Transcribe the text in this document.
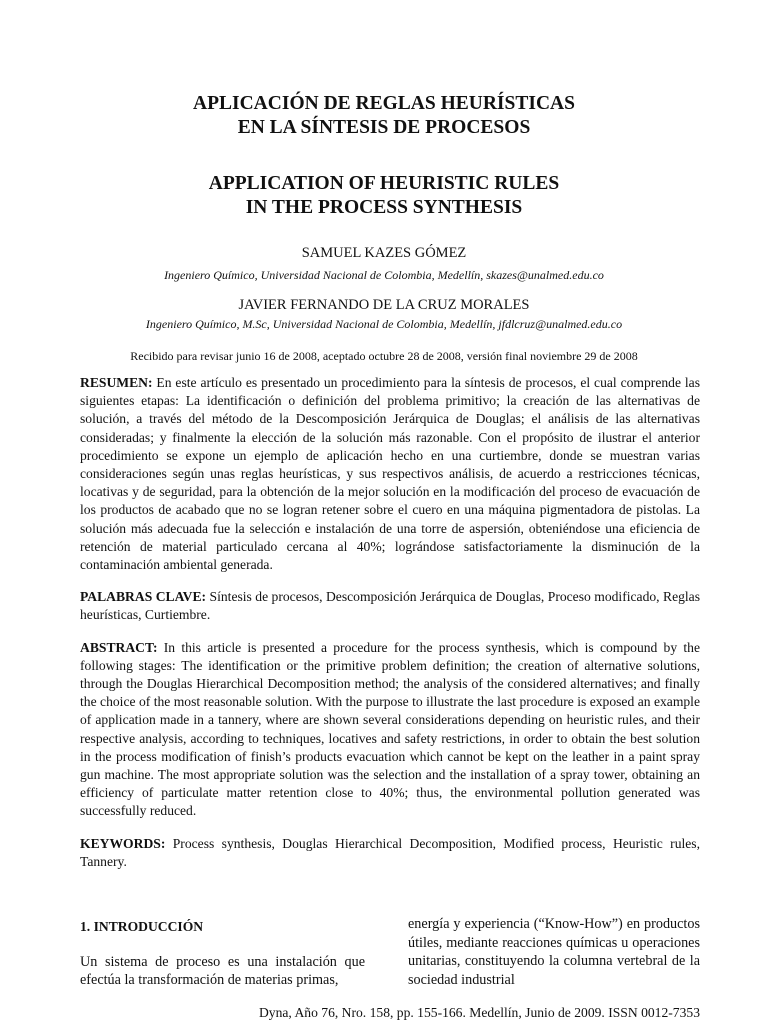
APLICACIÓN DE REGLAS HEURÍSTICAS
EN LA SÍNTESIS DE PROCESOS
APPLICATION OF HEURISTIC RULES
IN THE PROCESS SYNTHESIS
SAMUEL KAZES GÓMEZ
Ingeniero Químico, Universidad Nacional de Colombia, Medellín, skazes@unalmed.edu.co
JAVIER FERNANDO DE LA CRUZ MORALES
Ingeniero Químico, M.Sc, Universidad Nacional de Colombia, Medellín, jfdlcruz@unalmed.edu.co
Recibido para revisar junio 16 de 2008, aceptado octubre 28 de 2008, versión final noviembre 29 de 2008
RESUMEN: En este artículo es presentado un procedimiento para la síntesis de procesos, el cual comprende las siguientes etapas: La identificación o definición del problema primitivo; la creación de las alternativas de solución, a través del método de la Descomposición Jerárquica de Douglas; el análisis de las alternativas consideradas; y finalmente la elección de la solución más razonable. Con el propósito de ilustrar el anterior procedimiento se expone un ejemplo de aplicación hecho en una curtiembre, donde se muestran varias consideraciones según unas reglas heurísticas, y sus respectivos análisis, de acuerdo a restricciones técnicas, locativas y de seguridad, para la obtención de la mejor solución en la modificación del proceso de evacuación de los productos de acabado que no se logran retener sobre el cuero en una máquina pigmentadora de pistolas. La solución más adecuada fue la selección e instalación de una torre de aspersión, obteniéndose una eficiencia de retención de material particulado cercana al 40%; lográndose satisfactoriamente la disminución de la contaminación ambiental generada.
PALABRAS CLAVE: Síntesis de procesos, Descomposición Jerárquica de Douglas, Proceso modificado, Reglas heurísticas, Curtiembre.
ABSTRACT: In this article is presented a procedure for the process synthesis, which is compound by the following stages: The identification or the primitive problem definition; the creation of alternative solutions, through the Douglas Hierarchical Decomposition method; the analysis of the considered alternatives; and finally the choice of the most reasonable solution. With the purpose to illustrate the last procedure is exposed an example of application made in a tannery, where are shown several considerations depending on heuristic rules, and their respective analysis, according to techniques, locatives and safety restrictions, in order to obtain the best solution in the process modification of finish’s products evacuation which cannot be kept on the leather in a paint spray gun machine. The most appropriate solution was the selection and the installation of a spray tower, obtaining an efficiency of particulate matter retention close to 40%; thus, the environmental pollution generated was successfully reduced.
KEYWORDS: Process synthesis, Douglas Hierarchical Decomposition, Modified process, Heuristic rules, Tannery.
1. INTRODUCCIÓN
Un sistema de proceso es una instalación que efectúa la transformación de materias primas,
energía y experiencia (“Know-How”) en productos útiles, mediante reacciones químicas u operaciones unitarias, constituyendo la columna vertebral de la sociedad industrial
Dyna, Año 76, Nro. 158, pp. 155-166. Medellín, Junio de 2009. ISSN 0012-7353
